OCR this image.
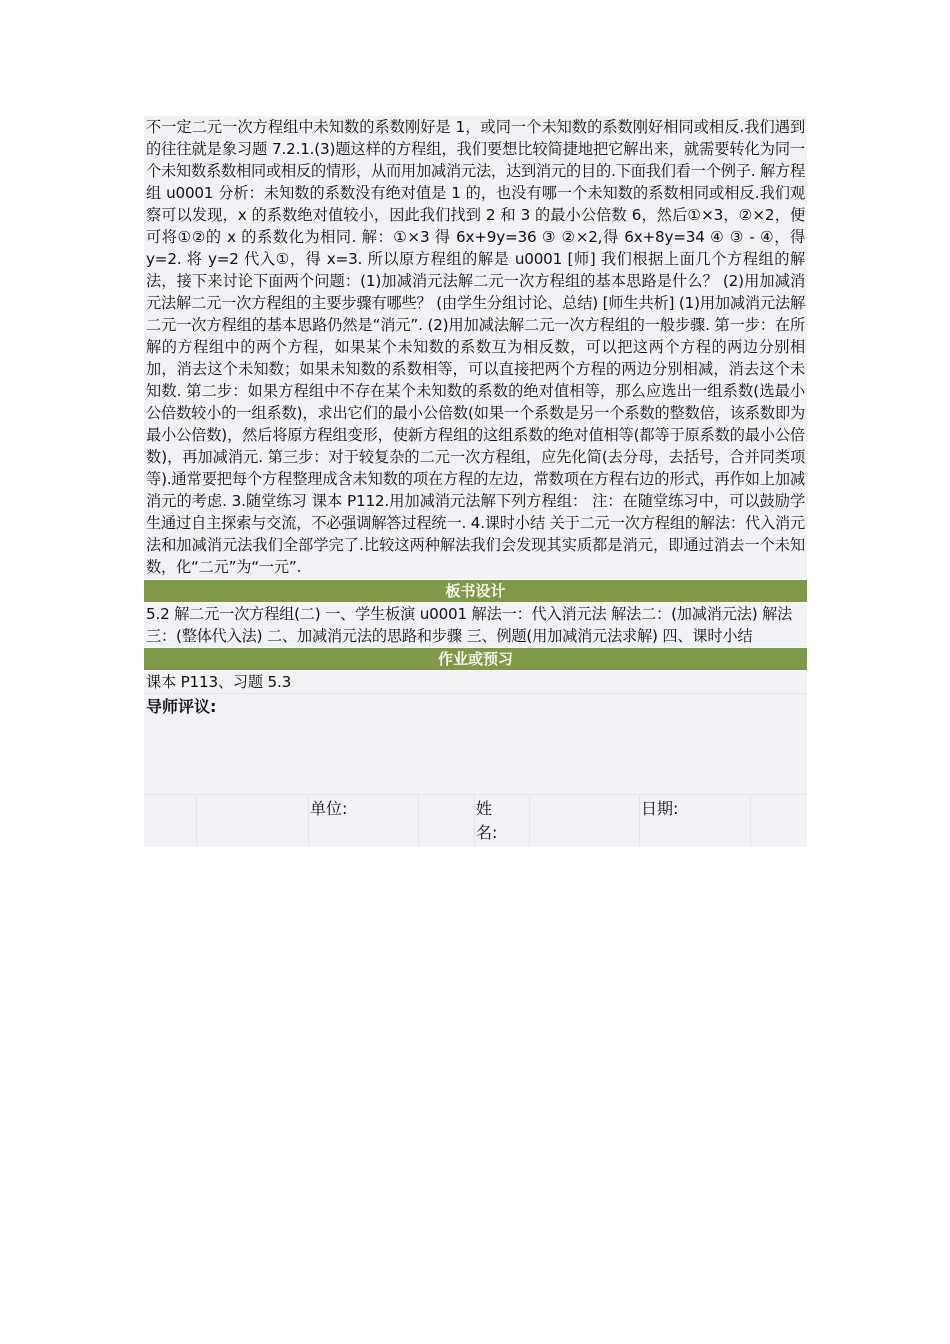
不一定二元一次方程组中未知数的系数刚好是 1，或同一个未知数的系数刚好相同或相反.我们遇到的往往就是象习题 7.2.1.(3)题这样的方程组，我们要想比较简捷地把它解出来，就需要转化为同一个未知数系数相同或相反的情形，从而用加减消元法，达到消元的目的.下面我们看一个例子. 解方程组 u0001 分析：未知数的系数没有绝对值是 1 的，也没有哪一个未知数的系数相同或相反.我们观察可以发现，x 的系数绝对值较小，因此我们找到 2 和 3 的最小公倍数 6，然后①×3，②×2，便可将①②的 x 的系数化为相同. 解：①×3 得 6x+9y=36 ③ ②×2,得 6x+8y=34 ④ ③ - ④，得 y=2. 将 y=2 代入①，得 x=3. 所以原方程组的解是 u0001 [师] 我们根据上面几个方程组的解法，接下来讨论下面两个问题：(1)加减消元法解二元一次方程组的基本思路是什么？ (2)用加减消元法解二元一次方程组的主要步骤有哪些？ (由学生分组讨论、总结) [师生共析] (1)用加减消元法解二元一次方程组的基本思路仍然是“消元”. (2)用加减法解二元一次方程组的一般步骤. 第一步：在所解的方程组中的两个方程，如果某个未知数的系数互为相反数，可以把这两个方程的两边分别相加，消去这个未知数；如果未知数的系数相等，可以直接把两个方程的两边分别相减，消去这个未知数. 第二步：如果方程组中不存在某个未知数的系数的绝对值相等，那么应选出一组系数(选最小公倍数较小的一组系数)，求出它们的最小公倍数(如果一个系数是另一个系数的整数倍，该系数即为最小公倍数)，然后将原方程组变形，使新方程组的这组系数的绝对值相等(都等于原系数的最小公倍数)，再加减消元. 第三步：对于较复杂的二元一次方程组，应先化简(去分母，去括号，合并同类项等).通常要把每个方程整理成含未知数的项在方程的左边，常数项在方程右边的形式，再作如上加减消元的考虑. 3.随堂练习 课本 P112.用加减消元法解下列方程组： 注：在随堂练习中，可以鼓励学生通过自主探索与交流，不必强调解答过程统一. 4.课时小结 关于二元一次方程组的解法：代入消元法和加减消元法我们全部学完了.比较这两种解法我们会发现其实质都是消元，即通过消去一个未知数，化“二元”为“一元”.

板书设计

5.2 解二元一次方程组(二) 一、学生板演 u0001 解法一：代入消元法 解法二：(加减消元法) 解法三：(整体代入法) 二、加减消元法的思路和步骤 三、例题(用加减消元法求解) 四、课时小结

作业或预习

课本 P113、习题 5.3

导师评议:
单位:	姓名:
日期:
